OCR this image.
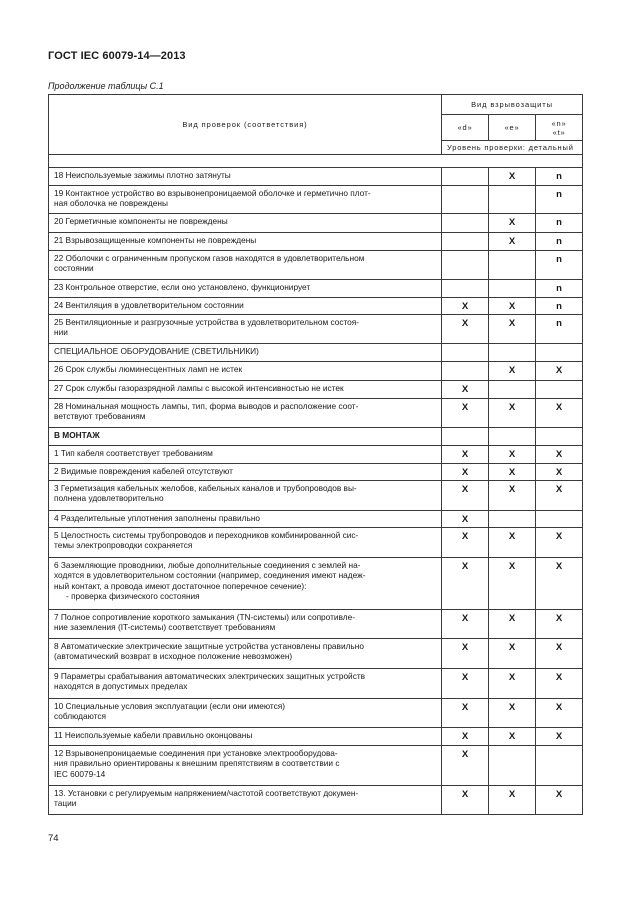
ГОСТ IEC 60079-14—2013
Продолжение таблицы С.1
Вид проверок (соответствия)	Вид взрывозащиты		
	«d»	«e»	«n»
«t»

	Уровень проверки: детальный		

18 Неиспользуемые зажимы плотно затянуты		X	n

19 Контактное устройство во взрывонепроницаемой оболочке и герметично плот-
ная оболочка не повреждены			n

20 Герметичные компоненты не повреждены		X	n

21 Взрывозащищенные компоненты не повреждены		X	n

22 Оболочки с ограниченным пропуском газов находятся в удовлетворительном
состоянии			n

23 Контрольное отверстие, если оно установлено, функционирует			n

24 Вентиляция в удовлетворительном состоянии	X	X	n

25 Вентиляционные и разгрузочные устройства в удовлетворительном состоя-
нии	X	X	n

СПЕЦИАЛЬНОЕ ОБОРУДОВАНИЕ (СВЕТИЛЬНИКИ)			

26 Срок службы люминесцентных ламп не истек		X	X

27 Срок службы газоразрядной лампы с высокой интенсивностью не истек	X		

28 Номинальная мощность лампы, тип, форма выводов и расположение соот-
ветствуют требованиям	X	X	X

В МОНТАЖ			

1 Тип кабеля соответствует требованиям	X	X	X

2 Видимые повреждения кабелей отсутствуют	X	X	X

3 Герметизация кабельных желобов, кабельных каналов и трубопроводов вы-
полнена удовлетворительно	X	X	X

4 Разделительные уплотнения заполнены правильно	X		

5 Целостность системы трубопроводов и переходников комбинированной сис-
темы электропроводки сохраняется	X	X	X

6 Заземляющие проводники, любые дополнительные соединения с землей на-
ходятся в удовлетворительном состоянии (например, соединения имеют надеж-
ный контакт, а провода имеют достаточное поперечное сечение):
- проверка физического состояния	X	X	X

7 Полное сопротивление короткого замыкания (TN-системы) или сопротивле-
ние заземления (IT-системы) соответствует требованиям	X	X	X

8 Автоматические электрические защитные устройства установлены правильно
(автоматический возврат в исходное положение невозможен)	X	X	X

9 Параметры срабатывания автоматических электрических защитных устройств
находятся в допустимых пределах	X	X	X

10 Специальные условия эксплуатации (если они имеются)
соблюдаются	X	X	X

11 Неиспользуемые кабели правильно оконцованы	X	X	X

12 Взрывонепроницаемые соединения при установке электрооборудова-
ния правильно ориентированы к внешним препятствиям в соответствии с
IEC 60079-14	X		

13. Установки с регулируемым напряжением/частотой соответствуют докумен-
тации	X	X	X
74
